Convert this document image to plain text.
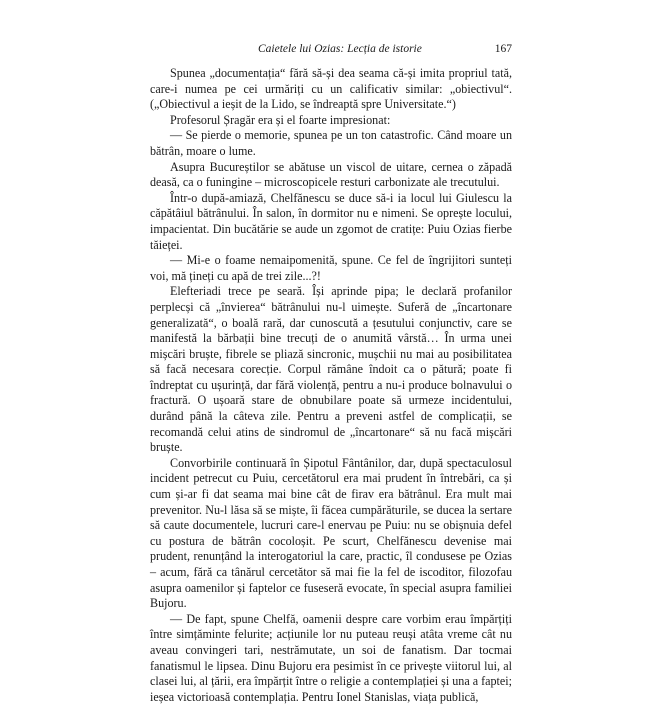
Caietele lui Ozias: Lecția de istorie	167

Spunea „documentația“ fără să-și dea seama că-și imita propriul tată, care-i numea pe cei urmăriți cu un calificativ similar: „obiectivul“. („Obiectivul a ieșit de la Lido, se îndreaptă spre Universitate.“)

Profesorul Șragăr era și el foarte impresionat:

— Se pierde o memorie, spunea pe un ton catastrofic. Când moare un bătrân, moare o lume.

Asupra Bucureștilor se abătuse un viscol de uitare, cernea o zăpadă deasă, ca o funingine – microscopicele resturi carbonizate ale trecutului.

Într-o după-amiază, Chelfănescu se duce să-i ia locul lui Giulescu la căpătâiul bătrânului. În salon, în dormitor nu e nimeni. Se oprește locului, impacientat. Din bucătărie se aude un zgomot de cratițe: Puiu Ozias fierbe tăieței.

— Mi-e o foame nemaipomenită, spune. Ce fel de îngrijitori sunteți voi, mă țineți cu apă de trei zile...?!

Elefteriadi trece pe seară. Își aprinde pipa; le declară profanilor perplecși că „învierea“ bătrânului nu-l uimește. Suferă de „încartonare generalizată“, o boală rară, dar cunoscută a țesutului conjunctiv, care se manifestă la bărbații bine trecuți de o anumită vârstă… În urma unei mișcări bruște, fibrele se pliază sincronic, mușchii nu mai au posibilitatea să facă necesara corecție. Corpul rămâne îndoit ca o pătură; poate fi îndreptat cu ușurință, dar fără violență, pentru a nu-i produce bolnavului o fractură. O ușoară stare de obnubilare poate să urmeze incidentului, durând până la câteva zile. Pentru a preveni astfel de complicații, se recomandă celui atins de sindromul de „încartonare“ să nu facă mișcări bruște.

Convorbirile continuară în Șipotul Fântânilor, dar, după spectaculosul incident petrecut cu Puiu, cercetătorul era mai prudent în întrebări, ca și cum și-ar fi dat seama mai bine cât de firav era bătrânul. Era mult mai prevenitor. Nu-l lăsa să se miște, îi făcea cumpărăturile, se ducea la sertare să caute documentele, lucruri care-l enervau pe Puiu: nu se obișnuia defel cu postura de bătrân cocoloșit. Pe scurt, Chelfănescu devenise mai prudent, renunțând la interogatoriul la care, practic, îl condusese pe Ozias – acum, fără ca tânărul cercetător să mai fie la fel de iscoditor, filozofau asupra oamenilor și faptelor ce fuseseră evocate, în special asupra familiei Bujoru.

— De fapt, spune Chelfă, oamenii despre care vorbim erau împărțiți între simțăminte felurite; acțiunile lor nu puteau reuși atâta vreme cât nu aveau convingeri tari, nestrămutate, un soi de fanatism. Dar tocmai fanatismul le lipsea. Dinu Bujoru era pesimist în ce privește viitorul lui, al clasei lui, al țării, era împărțit între o religie a contemplației și una a faptei; ieșea victorioasă contemplația. Pentru Ionel Stanislas, viața publică,
